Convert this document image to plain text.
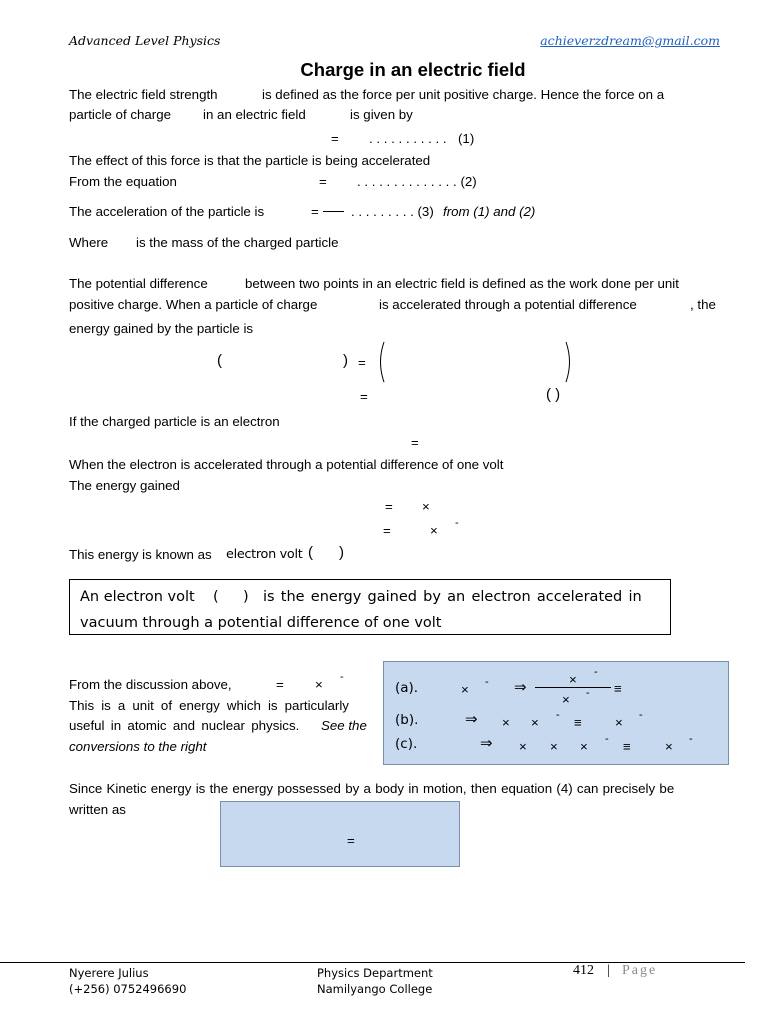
Advanced Level Physics	achieverzdream@gmail.com
Charge in an electric field
The electric field strength	is defined as the force per unit positive charge. Hence the force on a
particle of charge in an electric field	is given by
= . . . . . . . . . . . (1)
The effect of this force is that the particle is being accelerated
From the equation	= . . . . . . . . . . . . . . (2)
The acceleration of the particle is	= . . . . . . . . . (3) from (1) and (2)
Where is the mass of the charged particle
The potential difference	between two points in an electric field is defined as the work done per unit
positive charge. When a particle of charge	is accelerated through a potential difference	, the
energy gained by the particle is
(	) =
=	( )
If the charged particle is an electron
=
When the electron is accelerated through a potential difference of one volt
The energy gained
= ×
=	× -
This energy is known as electron volt ( )
An electron volt ( ) is the energy gained by an electron accelerated in
vacuum through a potential difference of one volt
From the discussion above,	= × -
This is a unit of energy which is particularly
useful in atomic and nuclear physics. See the
conversions to the right
(a).	× - ⇒	× -
× - ≡
(b).	⇒ × × - ≡ × -
(c).	⇒ × × × - ≡	× -
Since Kinetic energy is the energy possessed by a body in motion, then equation (4) can precisely be
written as
=
Nyerere Julius
(+256) 0752496690
Physics Department
Namilyango College
412 | Page
